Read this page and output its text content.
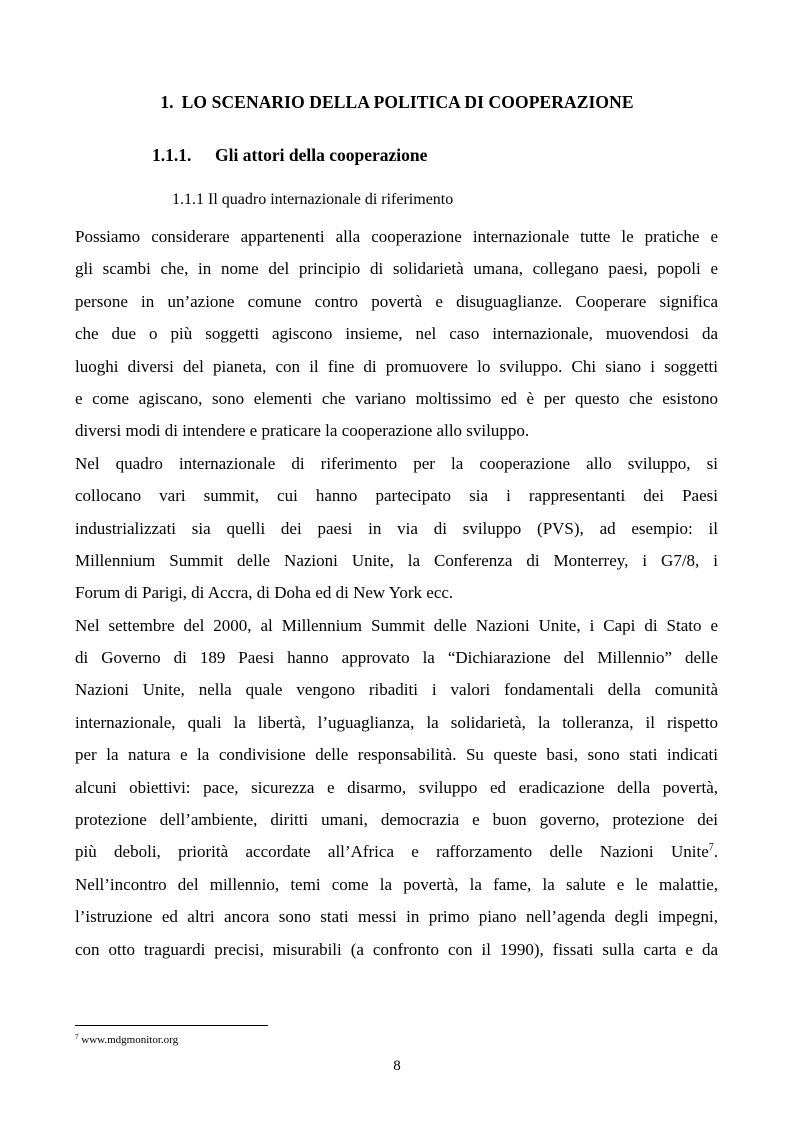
1. LO SCENARIO DELLA POLITICA DI COOPERAZIONE
1.1.1. Gli attori della cooperazione
1.1.1 Il quadro internazionale di riferimento
Possiamo considerare appartenenti alla cooperazione internazionale tutte le pratiche e
gli scambi che, in nome del principio di solidarietà umana, collegano paesi, popoli e
persone in un’azione comune contro povertà e disuguaglianze. Cooperare significa
che due o più soggetti agiscono insieme, nel caso internazionale, muovendosi da
luoghi diversi del pianeta, con il fine di promuovere lo sviluppo. Chi siano i soggetti
e come agiscano, sono elementi che variano moltissimo ed è per questo che esistono
diversi modi di intendere e praticare la cooperazione allo sviluppo.
Nel quadro internazionale di riferimento per la cooperazione allo sviluppo, si
collocano vari summit, cui hanno partecipato sia i rappresentanti dei Paesi
industrializzati sia quelli dei paesi in via di sviluppo (PVS), ad esempio: il
Millennium Summit delle Nazioni Unite, la Conferenza di Monterrey, i G7/8, i
Forum di Parigi, di Accra, di Doha ed di New York ecc.
Nel settembre del 2000, al Millennium Summit delle Nazioni Unite, i Capi di Stato e
di Governo di 189 Paesi hanno approvato la “Dichiarazione del Millennio” delle
Nazioni Unite, nella quale vengono ribaditi i valori fondamentali della comunità
internazionale, quali la libertà, l’uguaglianza, la solidarietà, la tolleranza, il rispetto
per la natura e la condivisione delle responsabilità. Su queste basi, sono stati indicati
alcuni obiettivi: pace, sicurezza e disarmo, sviluppo ed eradicazione della povertà,
protezione dell’ambiente, diritti umani, democrazia e buon governo, protezione dei
più deboli, priorità accordate all’Africa e rafforzamento delle Nazioni Unite$^7$.
Nell’incontro del millennio, temi come la povertà, la fame, la salute e le malattie,
l’istruzione ed altri ancora sono stati messi in primo piano nell’agenda degli impegni,
con otto traguardi precisi, misurabili (a confronto con il 1990), fissati sulla carta e da
$^7$ www.mdgmonitor.org
8
